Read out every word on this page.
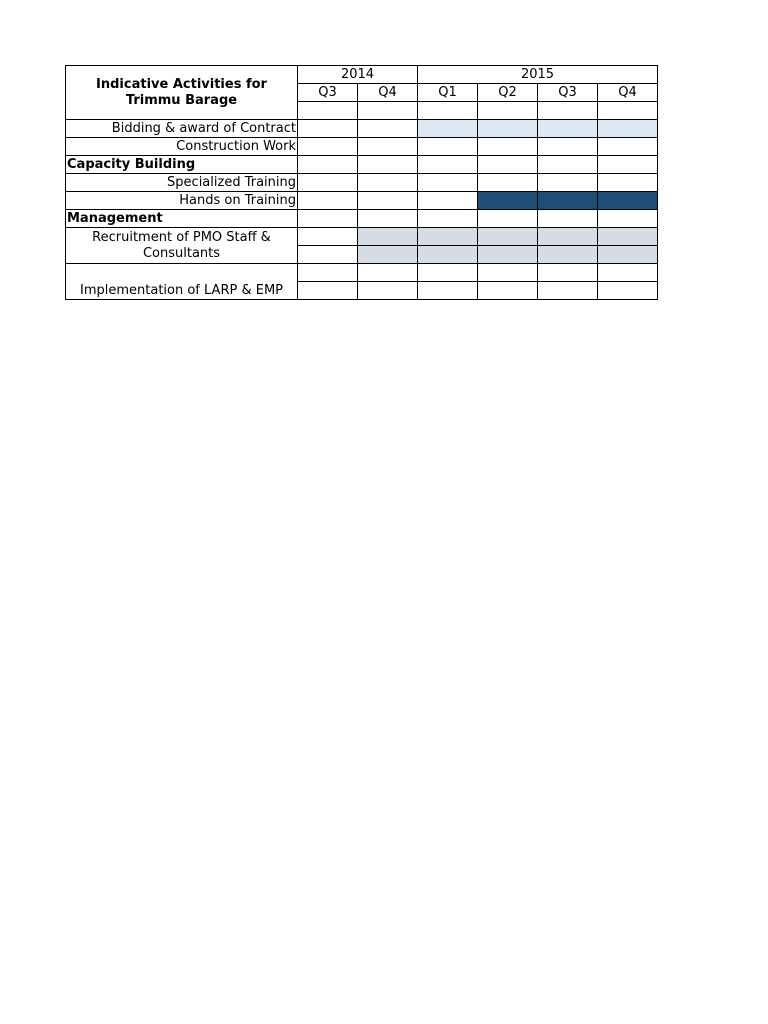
Indicative Activities for Trimmu Barage	2014		2015			
	Q3	Q4	Q1	Q2	Q3	Q4

Bidding & award of Contract						
Construction Work						
Capacity Building						
Specialized Training						
Hands on Training						
Management						
Recruitment of PMO Staff & Consultants						

Implementation of LARP & EMP						
